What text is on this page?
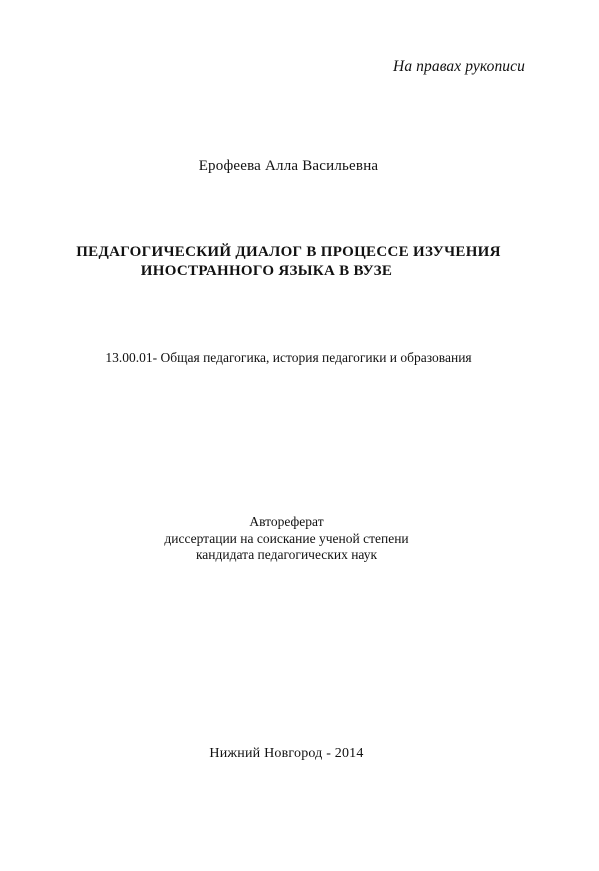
На правах рукописи
Ерофеева Алла Васильевна
ПЕДАГОГИЧЕСКИЙ ДИАЛОГ В ПРОЦЕССЕ ИЗУЧЕНИЯ
ИНОСТРАННОГО ЯЗЫКА В ВУЗЕ
13.00.01- Общая педагогика, история педагогики и образования
Автореферат
диссертации на соискание ученой степени
кандидата педагогических наук
Нижний Новгород - 2014
